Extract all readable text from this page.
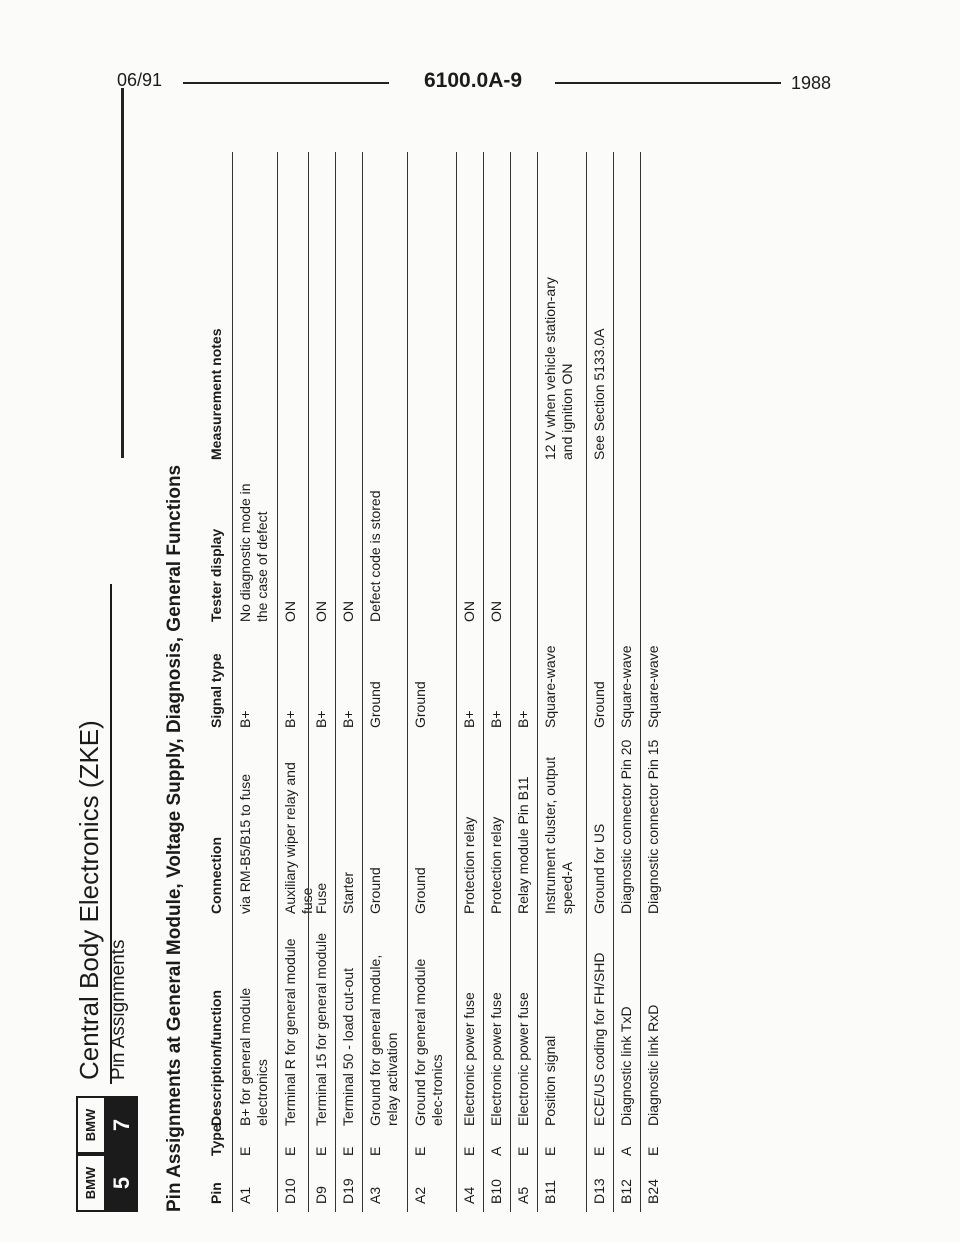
06/91	6100.0A-9	1988
BMW
BMW
5
7
Central Body Electronics (ZKE) Pin Assignments Pin Assignments at General Module, Voltage Supply, Diagnosis, General Functions Pin
Type
Description/function
Connection
Signal type
Tester display
Measurement notes
A1
E
B+ for general module electronics
via RM-B5/B15 to fuse
B+
No diagnostic mode in the case of defect
D10
E
Terminal R for general module
Auxiliary wiper relay and fuse
B+
ON
D9
E
Terminal 15 for general module
Fuse
B+
ON
D19
E
Terminal 50 - load cut-out
Starter
B+
ON
A3
E
Ground for general module, relay activation
Ground
Ground
Defect code is stored
A2
E
Ground for general module elec-tronics
Ground
Ground
A4
E
Electronic power fuse
Protection relay
B+
ON
B10
A
Electronic power fuse
Protection relay
B+
ON
A5
E
Electronic power fuse
Relay module Pin B11
B+
B11
E
Position signal
Instrument cluster, output speed-A
Square-wave
12 V when vehicle station-ary and ignition ON
D13
E
ECE/US coding for FH/SHD
Ground for US
Ground
See Section 5133.0A
B12
A
Diagnostic link TxD
Diagnostic connector Pin 20
Square-wave
B24
E
Diagnostic link RxD
Diagnostic connector Pin 15
Square-wave
